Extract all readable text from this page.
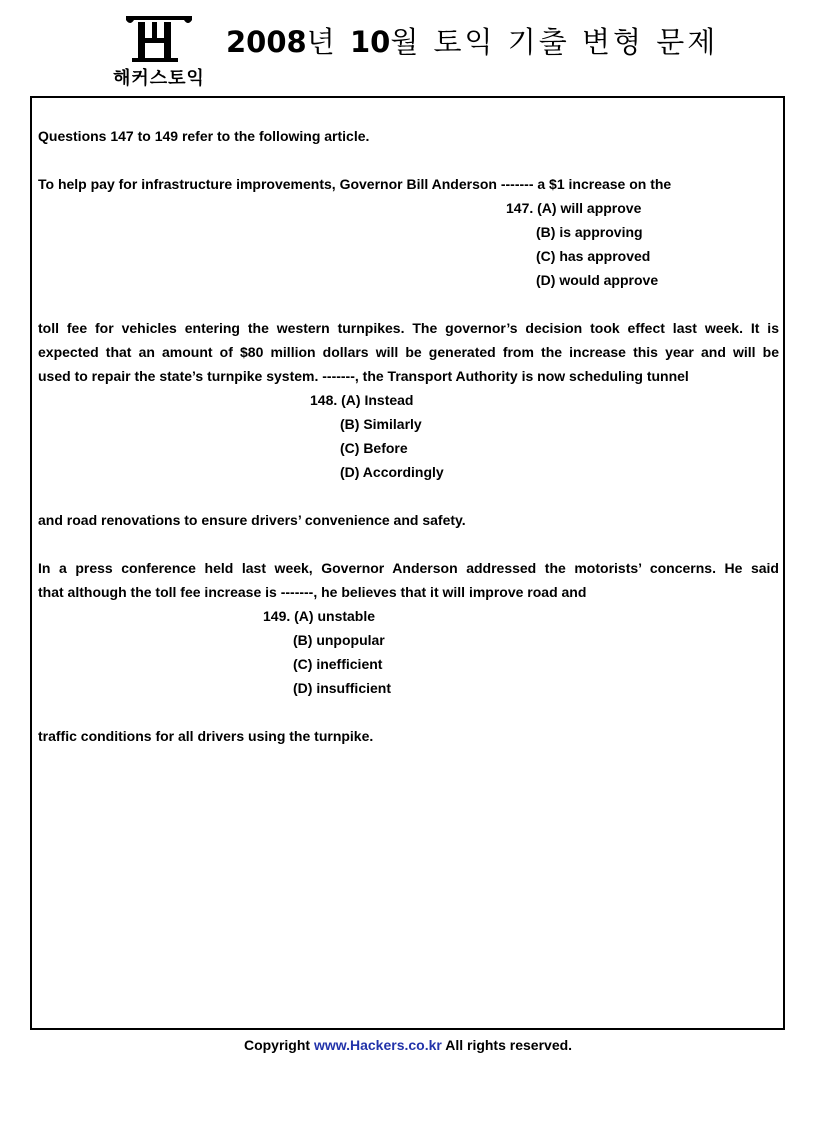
해커스토익
2008년 10월 토익 기출 변형 문제
Questions 147 to 149 refer to the following article.
To help pay for infrastructure improvements, Governor Bill Anderson ------- a $1 increase on the
147. (A) will approve
(B) is approving
(C) has approved
(D) would approve
toll fee for vehicles entering the western turnpikes. The governor’s decision took effect last week. It is
expected that an amount of $80 million dollars will be generated from the increase this year and will be
used to repair the state’s turnpike system. -------, the Transport Authority is now scheduling tunnel
148. (A) Instead
(B) Similarly
(C) Before
(D) Accordingly
and road renovations to ensure drivers’ convenience and safety.
In a press conference held last week, Governor Anderson addressed the motorists’ concerns. He said
that although the toll fee increase is -------, he believes that it will improve road and
149. (A) unstable
(B) unpopular
(C) inefficient
(D) insufficient
traffic conditions for all drivers using the turnpike.
Copyright www.Hackers.co.kr All rights reserved.
